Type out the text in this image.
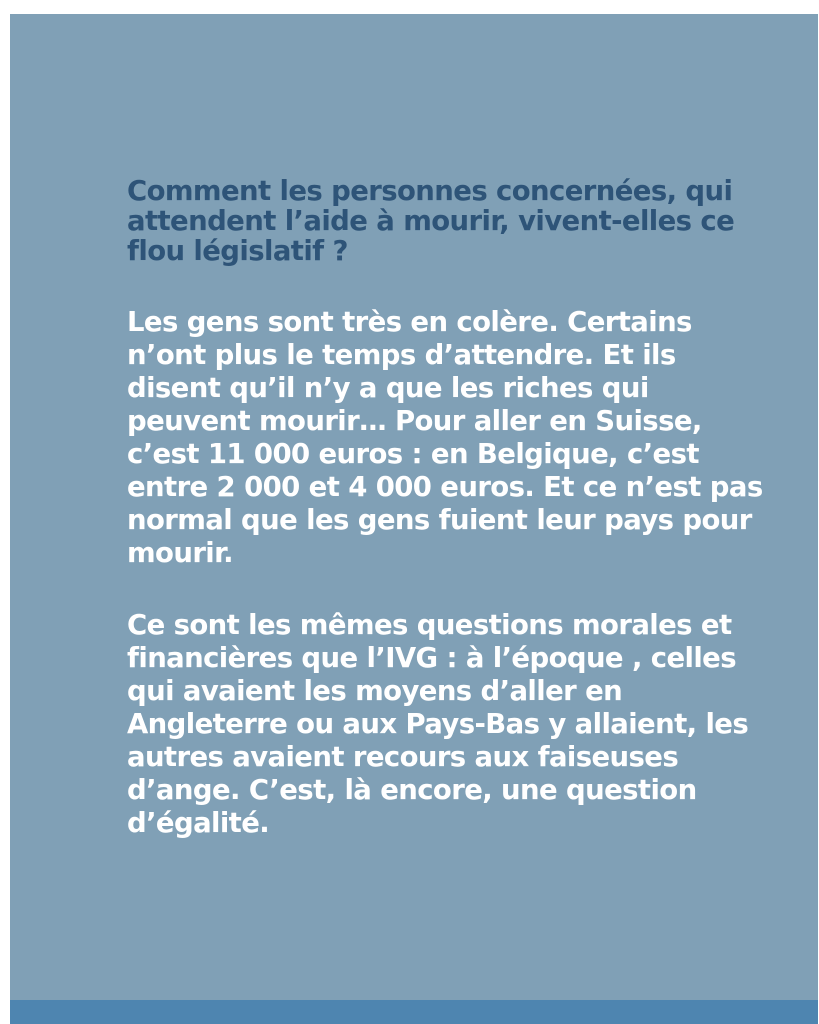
Comment les personnes concernées, qui attendent l’aide à mourir, vivent-elles ce flou législatif ?

Les gens sont très en colère. Certains n’ont plus le temps d’attendre. Et ils disent qu’il n’y a que les riches qui peuvent mourir… Pour aller en Suisse, c’est 11 000 euros : en Belgique, c’est entre 2 000 et 4 000 euros. Et ce n’est pas normal que les gens fuient leur pays pour mourir.

Ce sont les mêmes questions morales et financières que l’IVG : à l’époque , celles qui avaient les moyens d’aller en Angleterre ou aux Pays-Bas y allaient, les autres avaient recours aux faiseuses d’ange. C’est, là encore, une question d’égalité.
